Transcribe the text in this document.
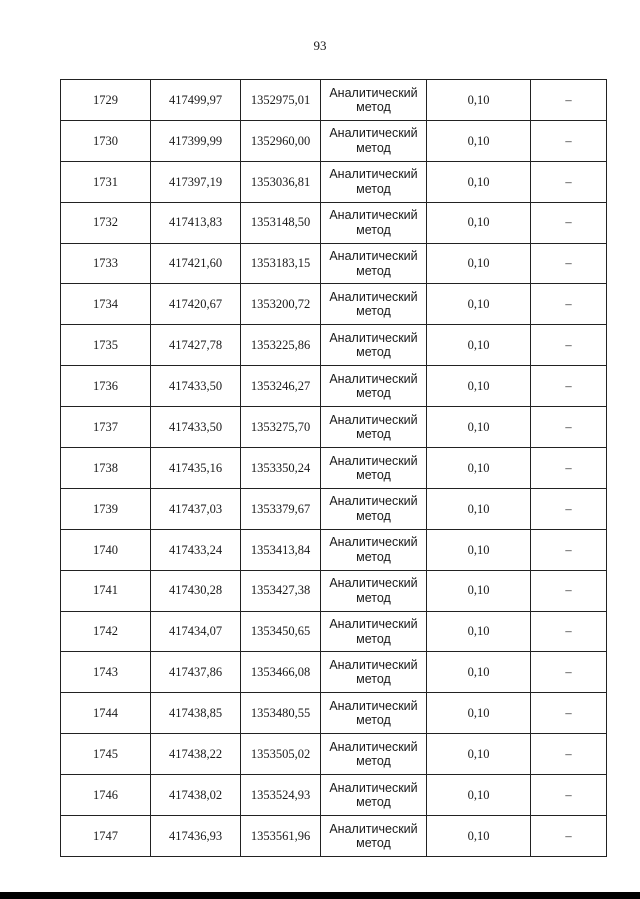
93
1729	417499,97	1352975,01	Аналитический метод	0,10	–
1730	417399,99	1352960,00	Аналитический метод	0,10	–
1731	417397,19	1353036,81	Аналитический метод	0,10	–
1732	417413,83	1353148,50	Аналитический метод	0,10	–
1733	417421,60	1353183,15	Аналитический метод	0,10	–
1734	417420,67	1353200,72	Аналитический метод	0,10	–
1735	417427,78	1353225,86	Аналитический метод	0,10	–
1736	417433,50	1353246,27	Аналитический метод	0,10	–
1737	417433,50	1353275,70	Аналитический метод	0,10	–
1738	417435,16	1353350,24	Аналитический метод	0,10	–
1739	417437,03	1353379,67	Аналитический метод	0,10	–
1740	417433,24	1353413,84	Аналитический метод	0,10	–
1741	417430,28	1353427,38	Аналитический метод	0,10	–
1742	417434,07	1353450,65	Аналитический метод	0,10	–
1743	417437,86	1353466,08	Аналитический метод	0,10	–
1744	417438,85	1353480,55	Аналитический метод	0,10	–
1745	417438,22	1353505,02	Аналитический метод	0,10	–
1746	417438,02	1353524,93	Аналитический метод	0,10	–
1747	417436,93	1353561,96	Аналитический метод	0,10	–
